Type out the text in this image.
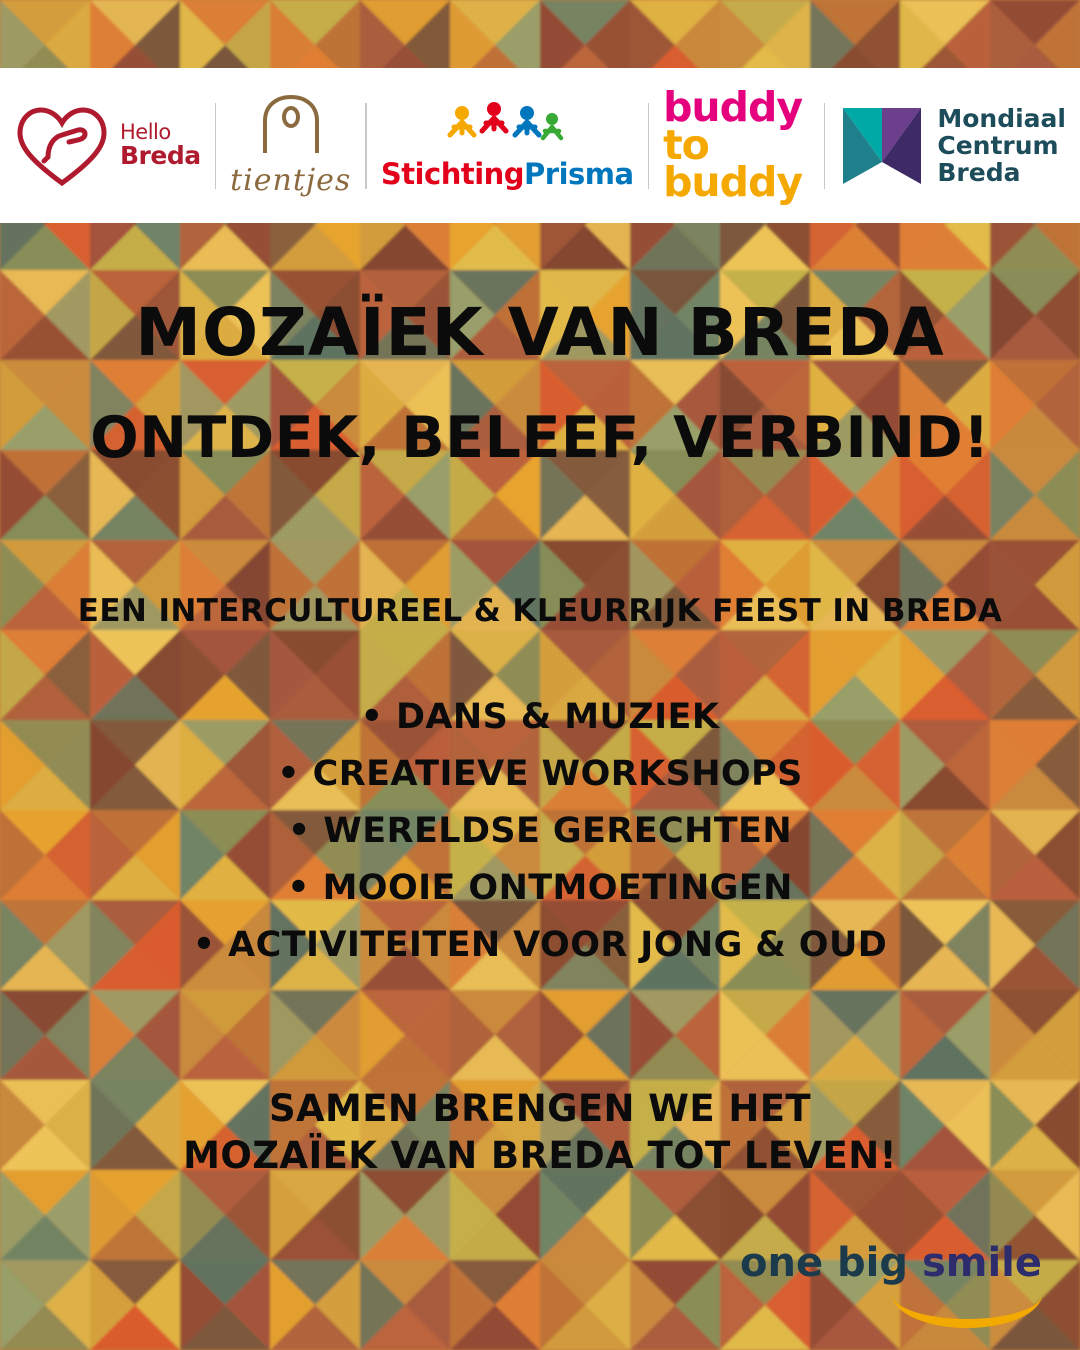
Hello
Breda
tientjes StichtingPrisma
buddy
to buddy
Mondiaal
Centrum
Breda
MOZAÏEK VAN BREDA
ONTDEK, BELEEF, VERBIND!
EEN INTERCULTUREEL & KLEURRIJK FEEST IN BREDA
• DANS & MUZIEK
• CREATIEVE WORKSHOPS
• WERELDSE GERECHTEN
• MOOIE ONTMOETINGEN
• ACTIVITEITEN VOOR JONG & OUD
SAMEN BRENGEN WE HET
MOZAÏEK VAN BREDA TOT LEVEN!
one big smile
